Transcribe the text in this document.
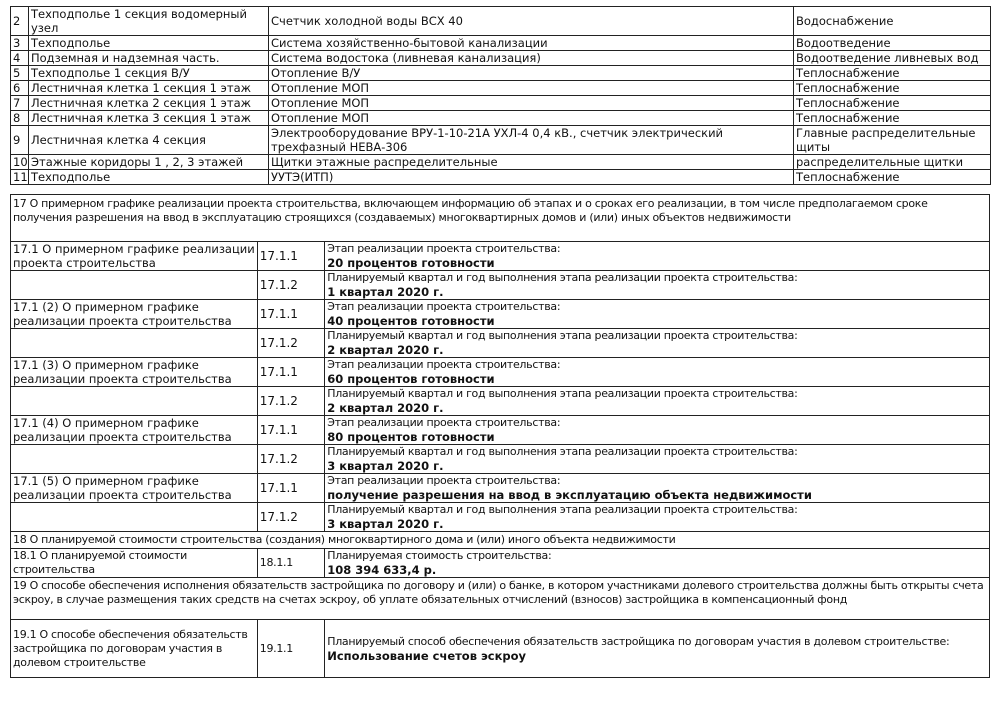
2	Техподполье 1 секция водомерный узел	Счетчик холодной воды ВСХ 40	Водоснабжение
3	Техподполье	Система хозяйственно-бытовой канализации	Водоотведение
4	Подземная и надземная часть.	Система водостока (ливневая канализация)	Водоотведение ливневых вод
5	Техподполье 1 секция В/У	Отопление В/У	Теплоснабжение
6	Лестничная клетка 1 секция 1 этаж	Отопление МОП	Теплоснабжение
7	Лестничная клетка 2 секция 1 этаж	Отопление МОП	Теплоснабжение
8	Лестничная клетка 3 секция 1 этаж	Отопление МОП	Теплоснабжение
9	Лестничная клетка 4 секция	Электрооборудование ВРУ-1-10-21А УХЛ-4 0,4 кВ., счетчик электрический трехфазный НЕВА-306	Главные распределительные щиты
10	Этажные коридоры 1 , 2, 3 этажей	Щитки этажные распределительные	распределительные щитки
11	Техподполье	УУТЭ(ИТП)	Теплоснабжение
17 О примерном графике реализации проекта строительства, включающем информацию об этапах и о сроках его реализации, в том числе предполагаемом сроке получения разрешения на ввод в эксплуатацию строящихся (создаваемых) многоквартирных домов и (или) иных объектов недвижимости		
17.1 О примерном графике реализации проекта строительства	17.1.1	Этап реализации проекта строительства:
20 процентов готовности

	17.1.2	Планируемый квартал и год выполнения этапа реализации проекта строительства:
1 квартал 2020 г.

17.1 (2) О примерном графике реализации проекта строительства	17.1.1	Этап реализации проекта строительства:
40 процентов готовности

	17.1.2	Планируемый квартал и год выполнения этапа реализации проекта строительства:
2 квартал 2020 г.

17.1 (3) О примерном графике реализации проекта строительства	17.1.1	Этап реализации проекта строительства:
60 процентов готовности

	17.1.2	Планируемый квартал и год выполнения этапа реализации проекта строительства:
2 квартал 2020 г.

17.1 (4) О примерном графике реализации проекта строительства	17.1.1	Этап реализации проекта строительства:
80 процентов готовности

	17.1.2	Планируемый квартал и год выполнения этапа реализации проекта строительства:
3 квартал 2020 г.

17.1 (5) О примерном графике реализации проекта строительства	17.1.1	Этап реализации проекта строительства:
получение разрешения на ввод в эксплуатацию объекта недвижимости

	17.1.2	Планируемый квартал и год выполнения этапа реализации проекта строительства:
3 квартал 2020 г.

18 О планируемой стоимости строительства (создания) многоквартирного дома и (или) иного объекта недвижимости		
18.1 О планируемой стоимости строительства	18.1.1	Планируемая стоимость строительства:
108 394 633,4 р.

19 О способе обеспечения исполнения обязательств застройщика по договору и (или) о банке, в котором участниками долевого строительства должны быть открыты счета эскроу, в случае размещения таких средств на счетах эскроу, об уплате обязательных отчислений (взносов) застройщика в компенсационный фонд		
19.1 О способе обеспечения обязательств застройщика по договорам участия в долевом строительстве	19.1.1	Планируемый способ обеспечения обязательств застройщика по договорам участия в долевом строительстве:
Использование счетов эскроу
